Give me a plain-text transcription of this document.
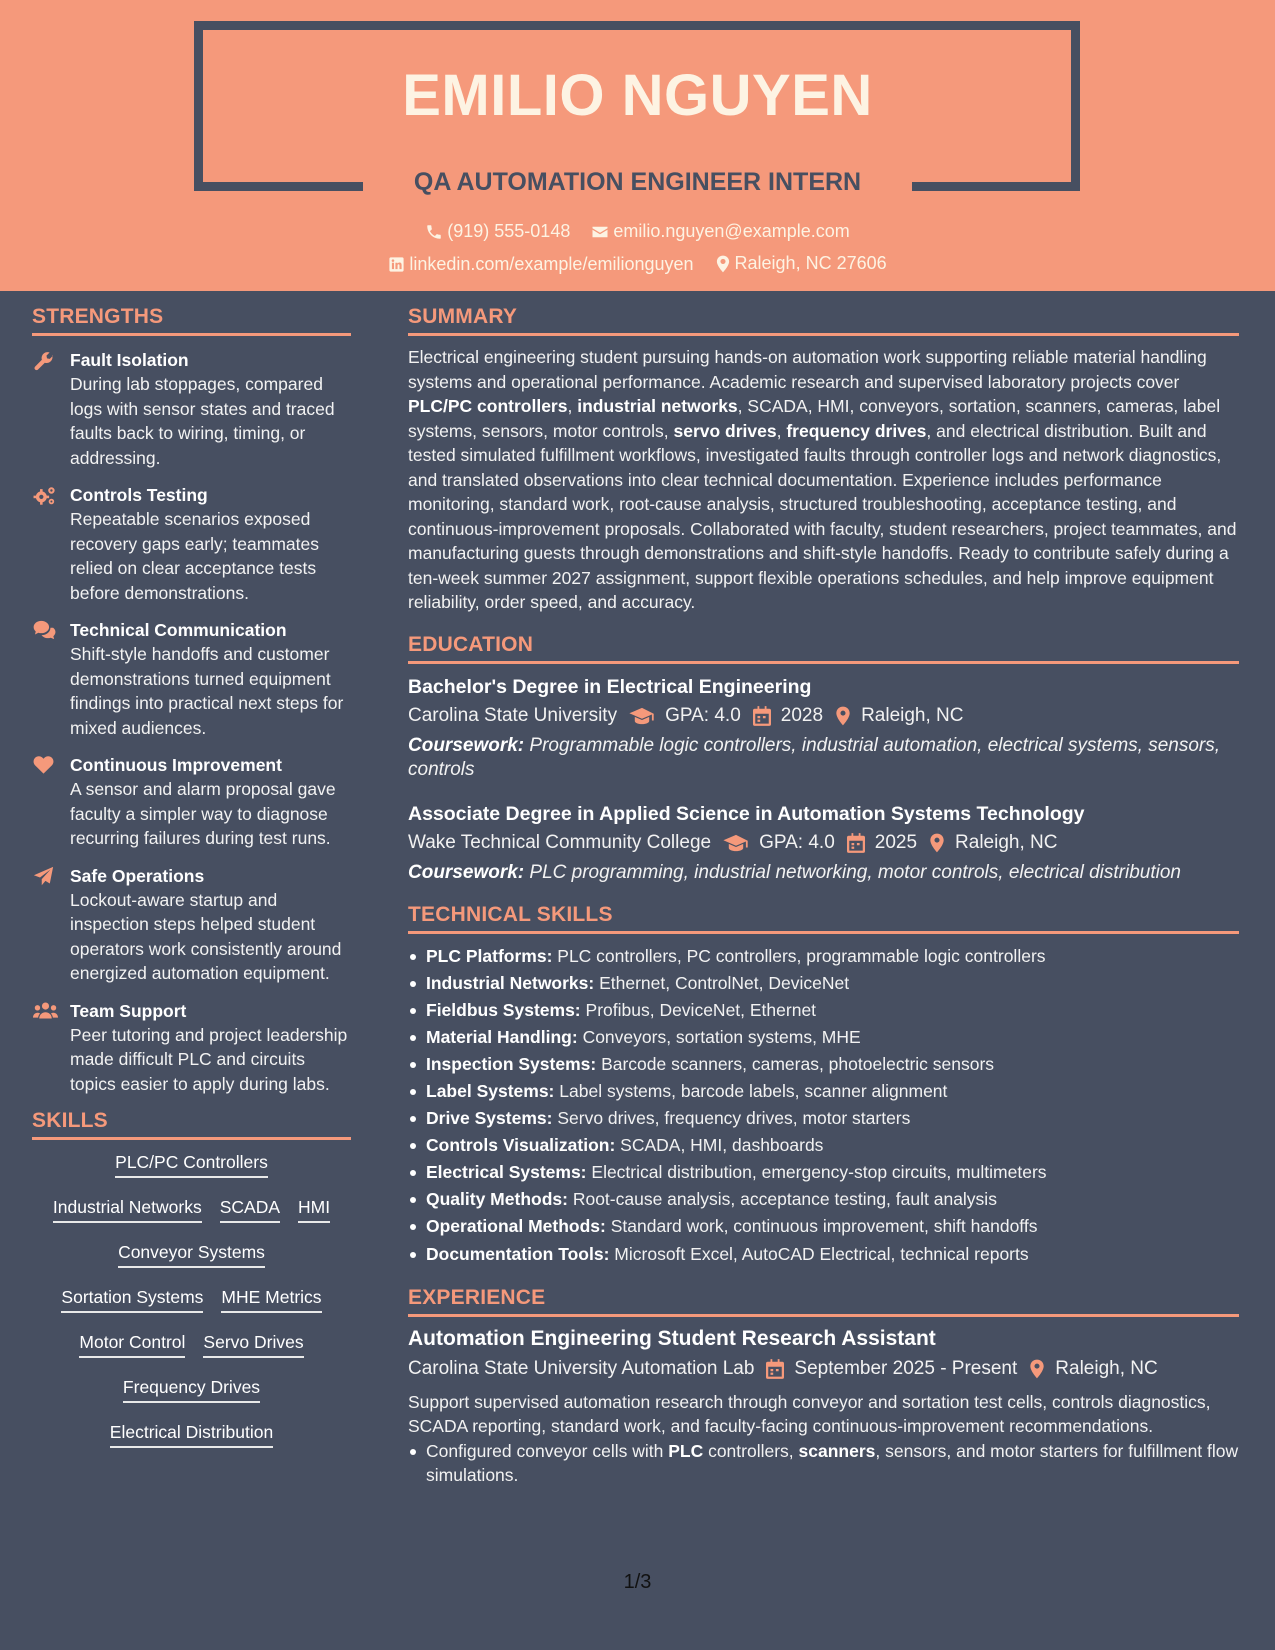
EMILIO NGUYEN
QA AUTOMATION ENGINEER INTERN
(919) 555-0148
emilio.nguyen@example.com
linkedin.com/example/emilionguyen
Raleigh, NC 27606
STRENGTHS
Fault Isolation
During lab stoppages, compared logs with sensor states and traced faults back to wiring, timing, or addressing.
Controls Testing
Repeatable scenarios exposed recovery gaps early; teammates relied on clear acceptance tests before demonstrations.
Technical Communication
Shift-style handoffs and customer demonstrations turned equipment findings into practical next steps for mixed audiences.
Continuous Improvement
A sensor and alarm proposal gave faculty a simpler way to diagnose recurring failures during test runs.
Safe Operations
Lockout-aware startup and inspection steps helped student operators work consistently around energized automation equipment.
Team Support
Peer tutoring and project leadership made difficult PLC and circuits topics easier to apply during labs.
SKILLS
PLC/PC Controllers
Industrial Networks SCADA HMI
Conveyor Systems
Sortation Systems MHE Metrics
Motor Control Servo Drives
Frequency Drives
Electrical Distribution
SUMMARY
Electrical engineering student pursuing hands-on automation work supporting reliable material handling systems and operational performance. Academic research and supervised laboratory projects cover PLC/PC controllers, industrial networks, SCADA, HMI, conveyors, sortation, scanners, cameras, label systems, sensors, motor controls, servo drives, frequency drives, and electrical distribution. Built and tested simulated fulfillment workflows, investigated faults through controller logs and network diagnostics, and translated observations into clear technical documentation. Experience includes performance monitoring, standard work, root-cause analysis, structured troubleshooting, acceptance testing, and continuous-improvement proposals. Collaborated with faculty, student researchers, project teammates, and manufacturing guests through demonstrations and shift-style handoffs. Ready to contribute safely during a ten-week summer 2027 assignment, support flexible operations schedules, and help improve equipment reliability, order speed, and accuracy.
EDUCATION
Bachelor's Degree in Electrical Engineering
Carolina State University	GPA: 4.0 2028 Raleigh, NC
Coursework: Programmable logic controllers, industrial automation, electrical systems, sensors, controls
Associate Degree in Applied Science in Automation Systems Technology
Wake Technical Community College	GPA: 4.0 2025 Raleigh, NC
Coursework: PLC programming, industrial networking, motor controls, electrical distribution
TECHNICAL SKILLS
PLC Platforms: PLC controllers, PC controllers, programmable logic controllers
Industrial Networks: Ethernet, ControlNet, DeviceNet
Fieldbus Systems: Profibus, DeviceNet, Ethernet
Material Handling: Conveyors, sortation systems, MHE
Inspection Systems: Barcode scanners, cameras, photoelectric sensors
Label Systems: Label systems, barcode labels, scanner alignment
Drive Systems: Servo drives, frequency drives, motor starters
Controls Visualization: SCADA, HMI, dashboards
Electrical Systems: Electrical distribution, emergency-stop circuits, multimeters
Quality Methods: Root-cause analysis, acceptance testing, fault analysis
Operational Methods: Standard work, continuous improvement, shift handoffs
Documentation Tools: Microsoft Excel, AutoCAD Electrical, technical reports
EXPERIENCE
Automation Engineering Student Research Assistant
Carolina State University Automation Lab September 2025 - Present Raleigh, NC
Support supervised automation research through conveyor and sortation test cells, controls diagnostics, SCADA reporting, standard work, and faculty-facing continuous-improvement recommendations.
Configured conveyor cells with PLC controllers, scanners, sensors, and motor starters for fulfillment flow simulations.
1/3
